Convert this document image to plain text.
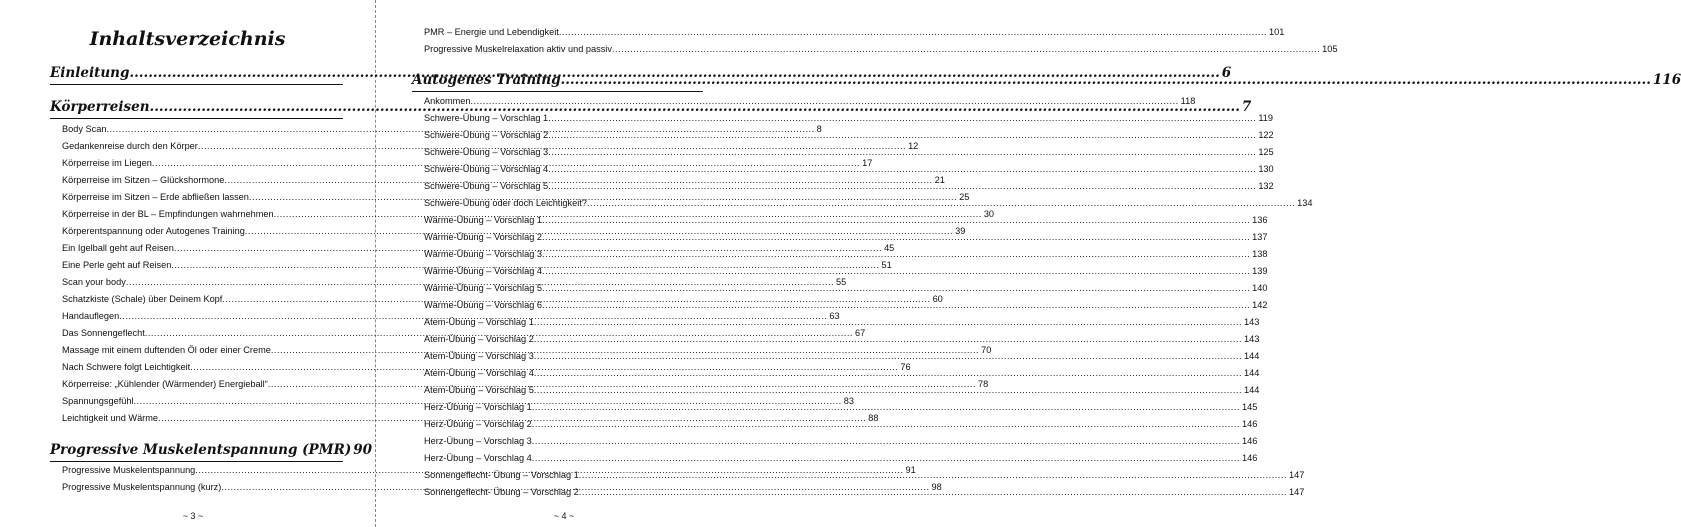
Inhaltsverzeichnis
Einleitung .....	6
Körperreisen .....	7
Body Scan .....	8
Gedankenreise durch den Körper .....	12
Körperreise im Liegen .....	17
Körperreise im Sitzen – Glückshormone .....	21
Körperreise im Sitzen – Erde abfließen lassen .....	25
Körperreise in der BL – Empfindungen wahrnehmen .....	30
Körperentspannung oder Autogenes Training .....	39
Ein Igelball geht auf Reisen .....	45
Eine Perle geht auf Reisen .....	51
Scan your body .....	55
Schatzkiste (Schale) über Deinem Kopf .....	60
Handauflegen .....	63
Das Sonnengeflecht .....	67
Massage mit einem duftenden Öl oder einer Creme .....	70
Nach Schwere folgt Leichtigkeit .....	76
Körperreise: „Kühlender (Wärmender) Energieball“ .....	78
Spannungsgefühl .....	83
Leichtigkeit und Wärme .....	88
Progressive Muskelentspannung (PMR) 90
Progressive Muskelentspannung .....	91
Progressive Muskelentspannung (kurz) .....	98
~ 3 ~
PMR – Energie und Lebendigkeit .....	101
Progressive Muskelrelaxation aktiv und passiv .....	105
Autogenes Training .....	116
Ankommen .....	118
Schwere-Übung – Vorschlag 1 .....	119
Schwere-Übung – Vorschlag 2 .....	122
Schwere-Übung – Vorschlag 3 .....	125
Schwere-Übung – Vorschlag 4 .....	130
Schwere-Übung – Vorschlag 5 .....	132
Schwere-Übung oder doch Leichtigkeit? .....	134
Wärme-Übung – Vorschlag 1 .....	136
Wärme-Übung – Vorschlag 2 .....	137
Wärme-Übung – Vorschlag 3 .....	138
Wärme-Übung – Vorschlag 4 .....	139
Wärme-Übung – Vorschlag 5 .....	140
Wärme-Übung – Vorschlag 6 .....	142
Atem-Übung – Vorschlag 1 .....	143
Atem-Übung – Vorschlag 2 .....	143
Atem-Übung – Vorschlag 3 .....	144
Atem-Übung – Vorschlag 4 .....	144
Atem-Übung – Vorschlag 5 .....	144
Herz-Übung – Vorschlag 1 .....	145
Herz-Übung – Vorschlag 2 .....	146
Herz-Übung – Vorschlag 3 .....	146
Herz-Übung – Vorschlag 4 .....	146
Sonnengeflecht- Übung – Vorschlag 1 .....	147
Sonnengeflecht- Übung – Vorschlag 2 .....	147
~ 4 ~
